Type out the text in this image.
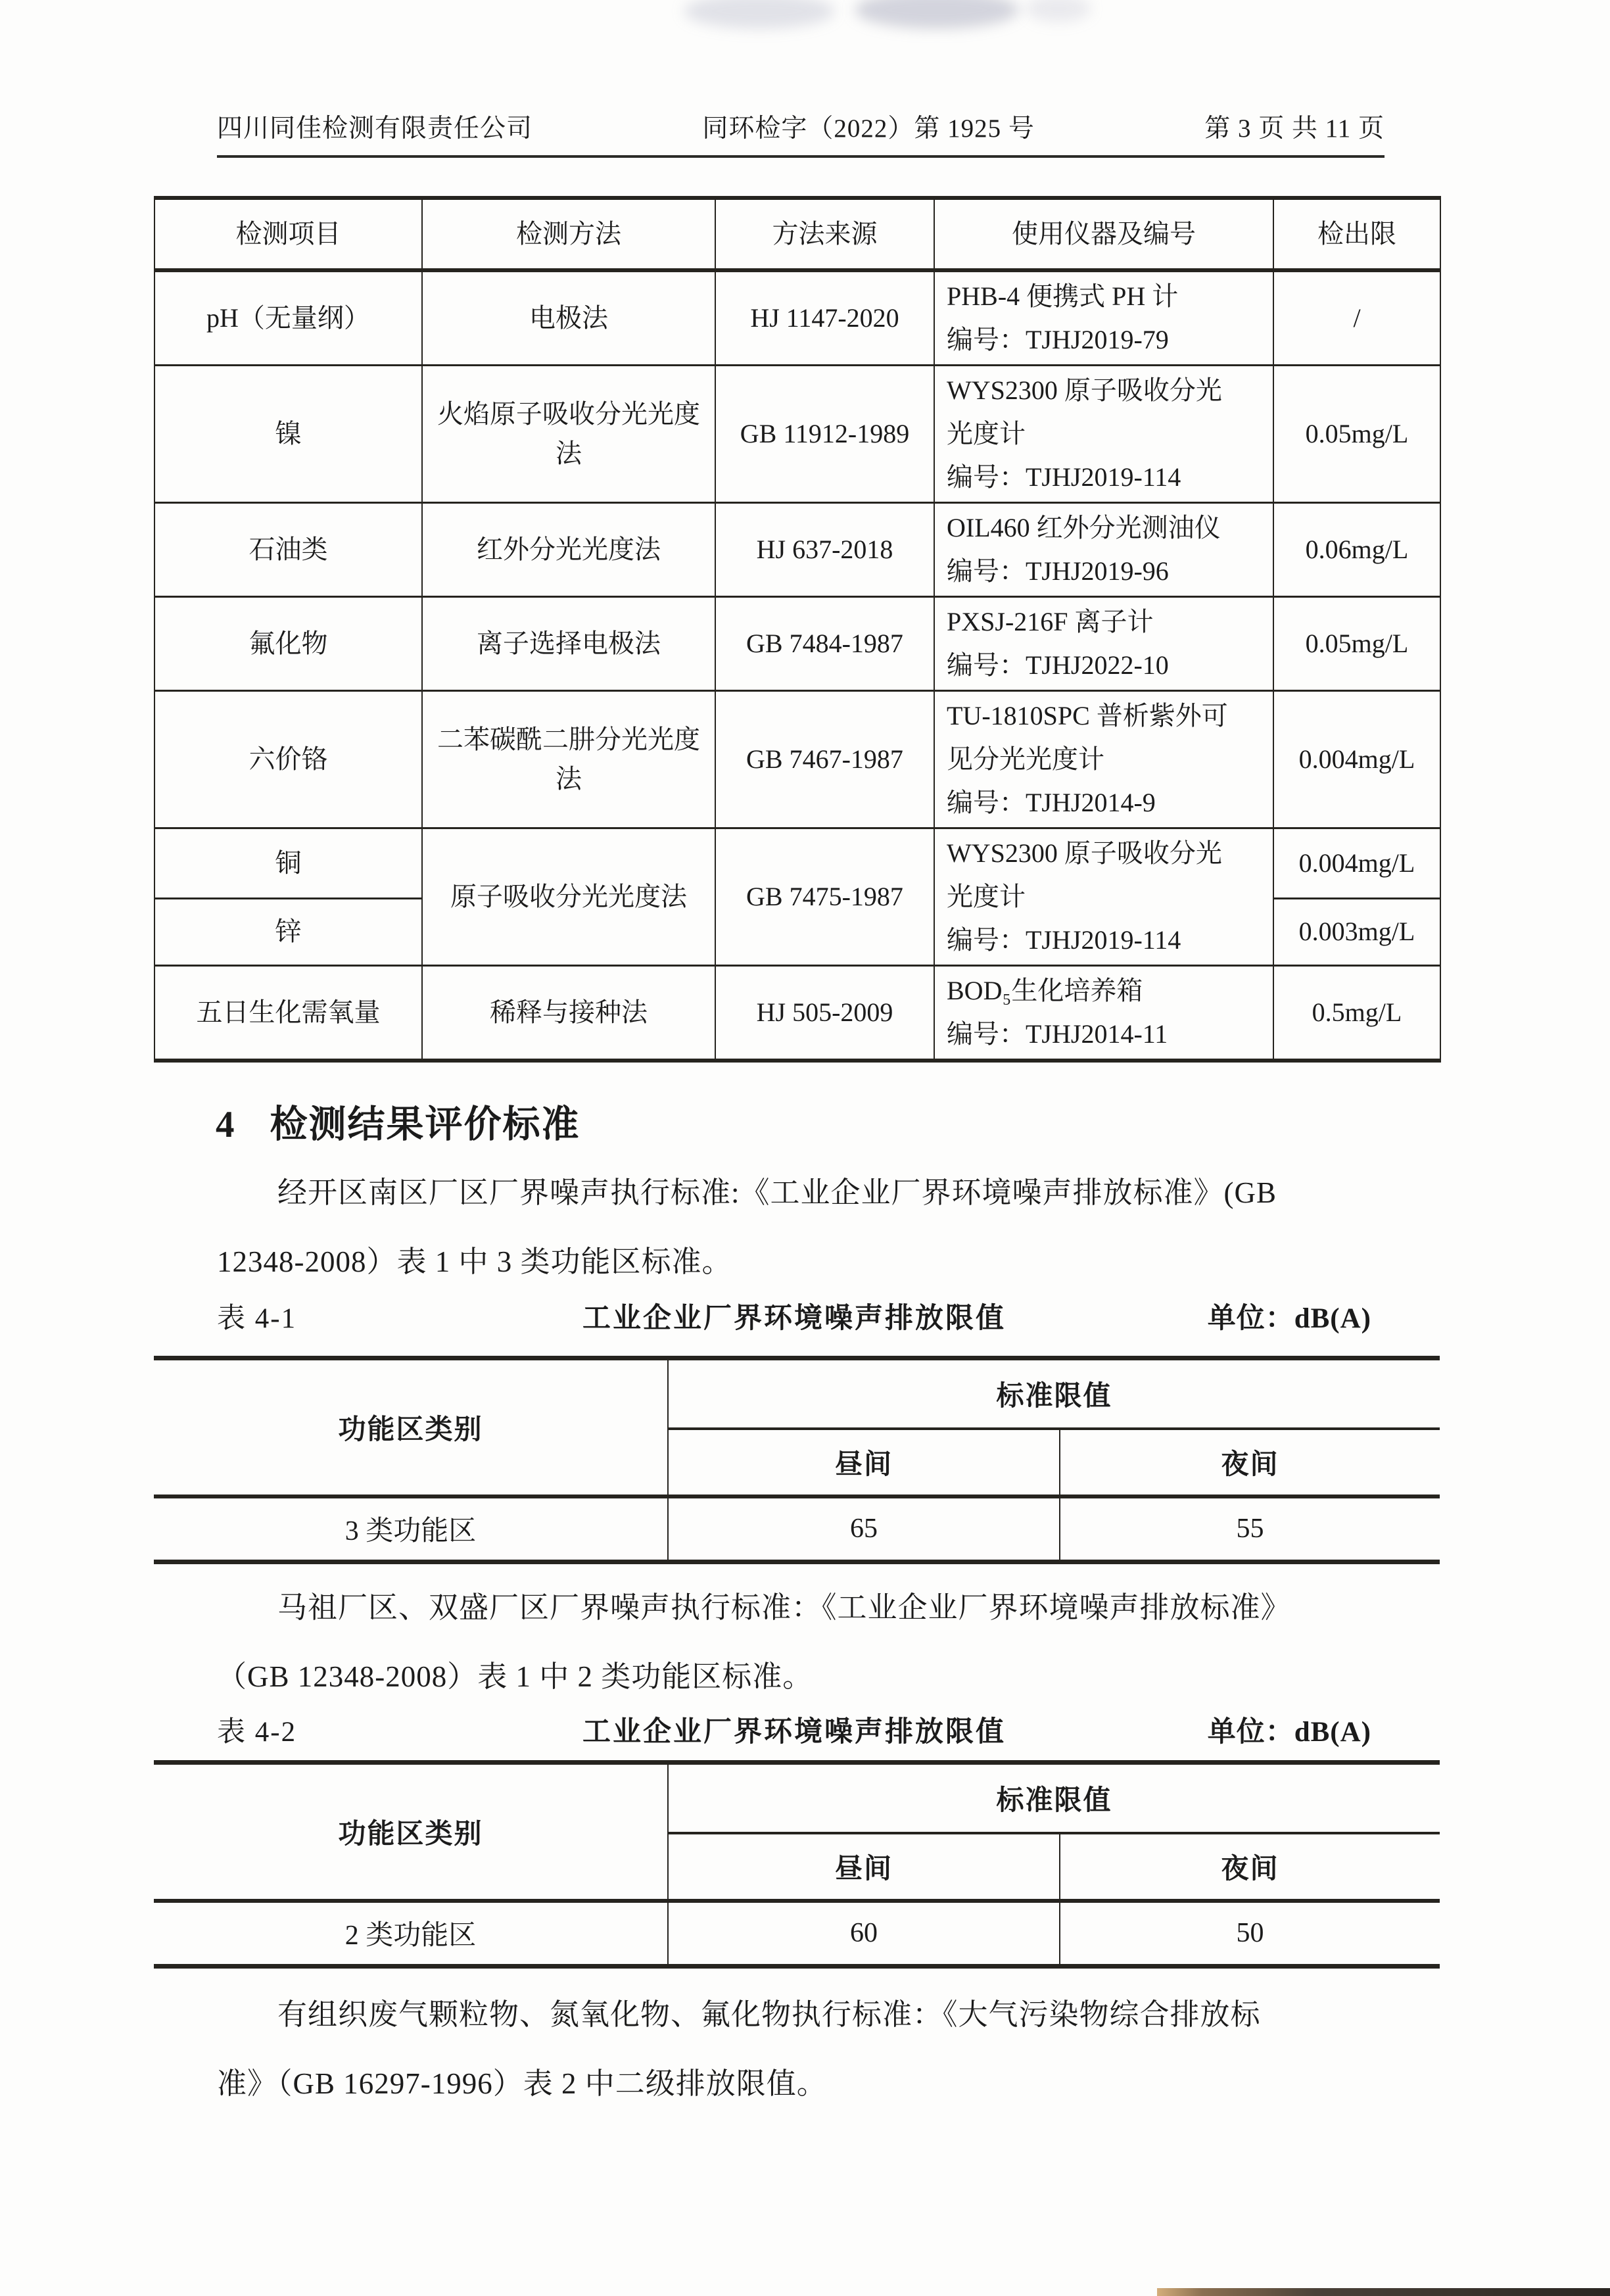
四川同佳检测有限责任公司	同环检字（2022）第 1925 号	第 3 页 共 11 页
检测项目	检测方法	方法来源	使用仪器及编号	检出限
pH（无量纲）	电极法	HJ 1147-2020	PHB-4 便携式 PH 计
编号：TJHJ2019-79	/
镍	火焰原子吸收分光光度法	GB 11912-1989	WYS2300 原子吸收分光
光度计
编号：TJHJ2019-114	0.05mg/L
石油类	红外分光光度法	HJ 637-2018	OIL460 红外分光测油仪
编号：TJHJ2019-96	0.06mg/L
氟化物	离子选择电极法	GB 7484-1987	PXSJ-216F 离子计
编号：TJHJ2022-10	0.05mg/L
六价铬	二苯碳酰二肼分光光度法	GB 7467-1987	TU-1810SPC 普析紫外可
见分光光度计
编号：TJHJ2014-9	0.004mg/L
铜	原子吸收分光光度法	GB 7475-1987	WYS2300 原子吸收分光
光度计
编号：TJHJ2019-114	0.004mg/L
锌				0.003mg/L
五日生化需氧量	稀释与接种法	HJ 505-2009	BOD₅生化培养箱
编号：TJHJ2014-11	0.5mg/L
4 检测结果评价标准
经开区南区厂区厂界噪声执行标准:《工业企业厂界环境噪声排放标准》(GB
12348-2008）表 1 中 3 类功能区标准。
表 4-1	工业企业厂界环境噪声排放限值	单位：dB(A)
功能区类别	标准限值	
	昼间	夜间
3 类功能区	65	55
马祖厂区、双盛厂区厂界噪声执行标准：《工业企业厂界环境噪声排放标准》
（GB 12348-2008）表 1 中 2 类功能区标准。
表 4-2	工业企业厂界环境噪声排放限值	单位：dB(A)
功能区类别	标准限值	
	昼间	夜间
2 类功能区	60	50
有组织废气颗粒物、氮氧化物、氟化物执行标准：《大气污染物综合排放标
准》（GB 16297-1996）表 2 中二级排放限值。
